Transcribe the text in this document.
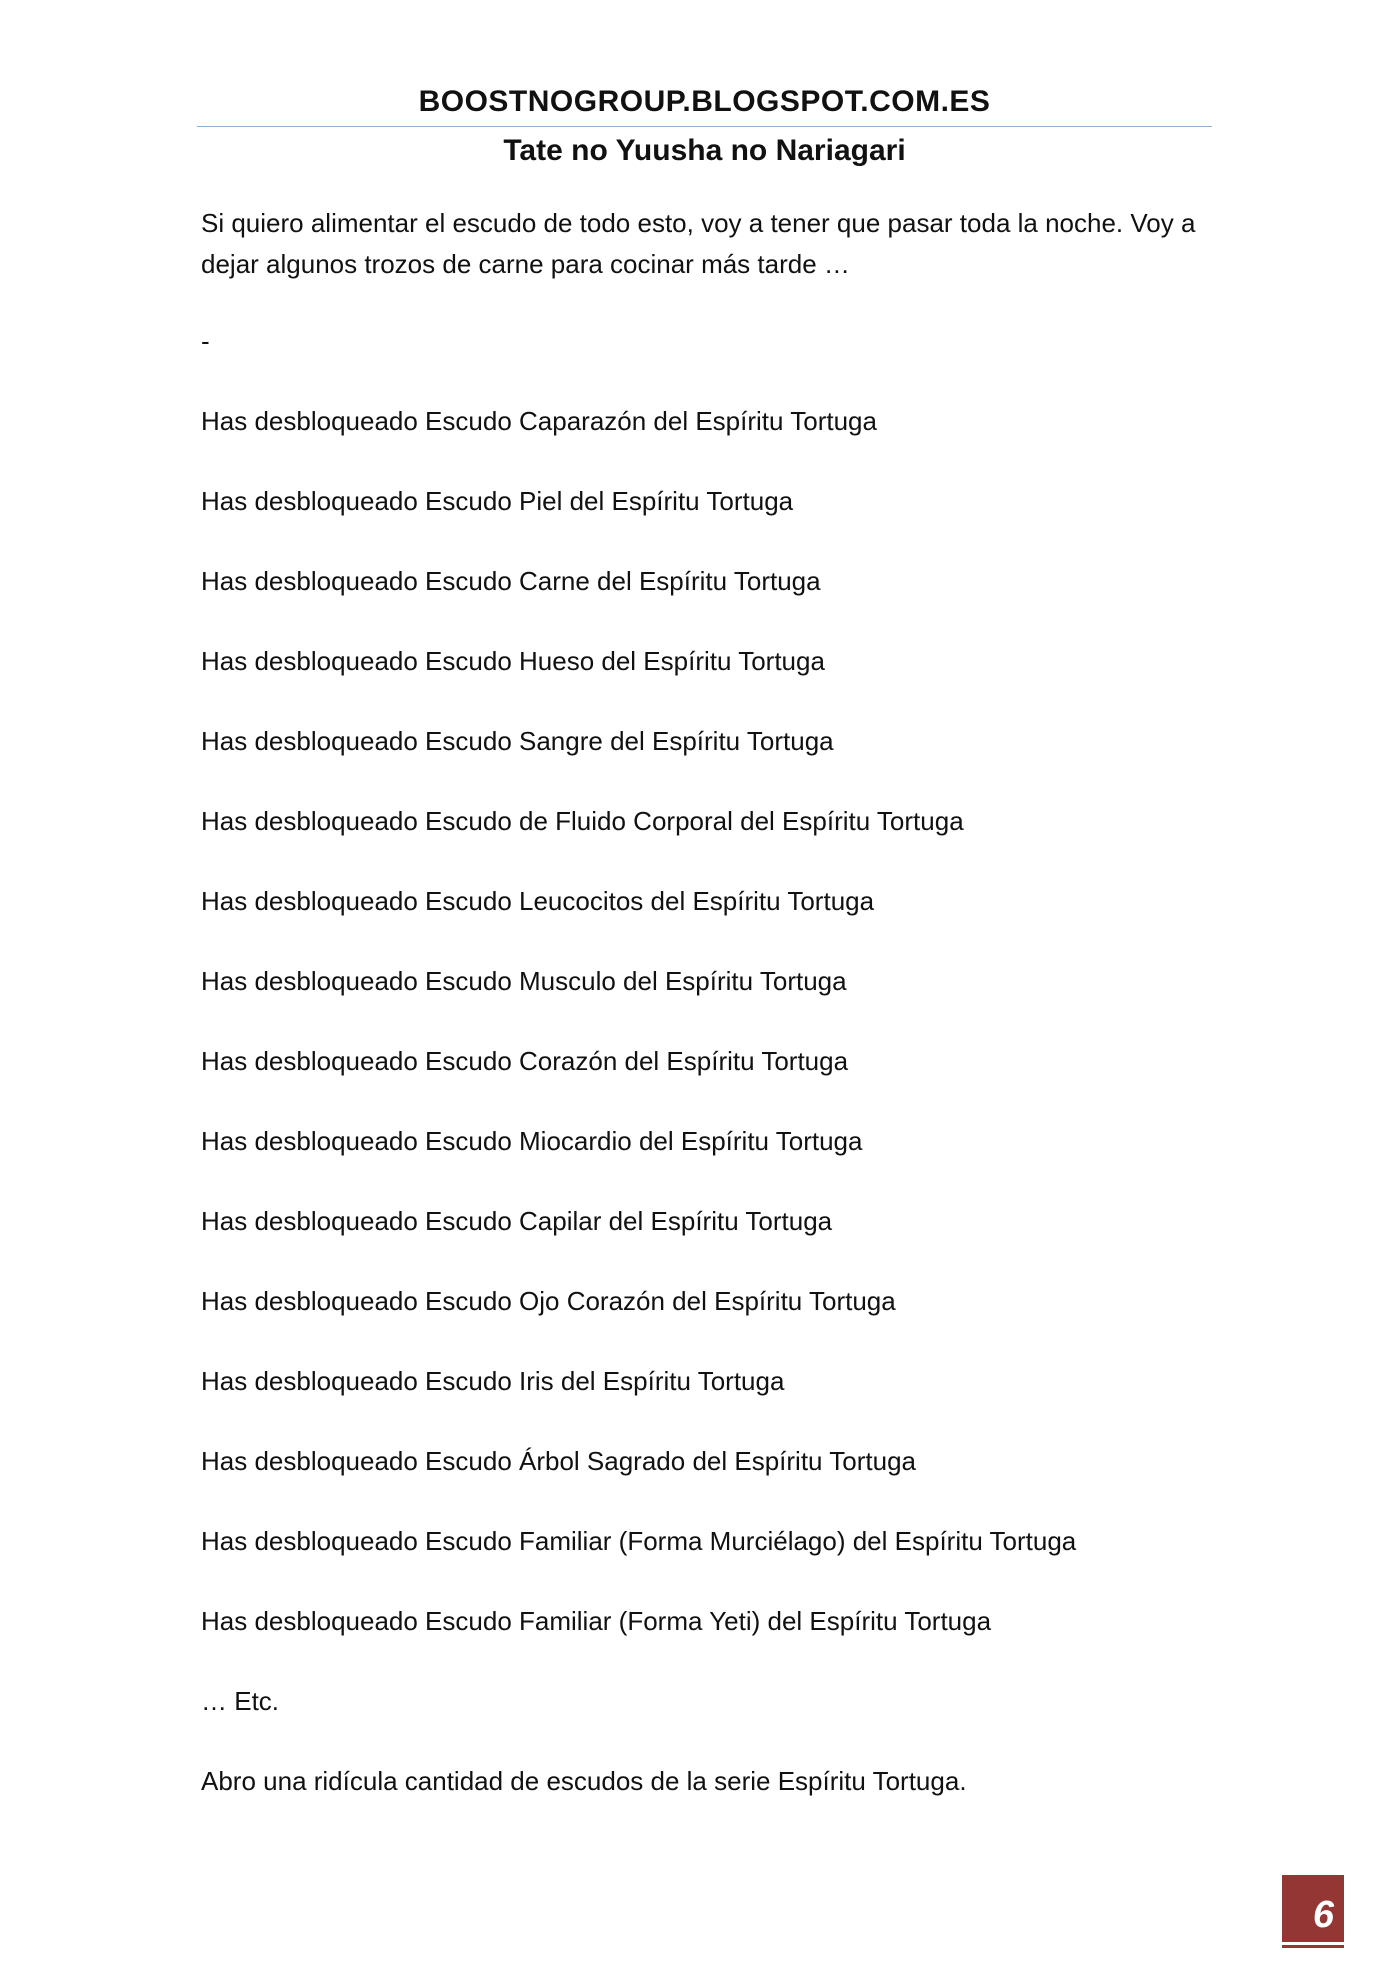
BOOSTNOGROUP.BLOGSPOT.COM.ES
Tate no Yuusha no Nariagari

Si quiero alimentar el escudo de todo esto, voy a tener que pasar toda la noche. Voy a dejar algunos trozos de carne para cocinar más tarde …

-

Has desbloqueado Escudo Caparazón del Espíritu Tortuga

Has desbloqueado Escudo Piel del Espíritu Tortuga

Has desbloqueado Escudo Carne del Espíritu Tortuga

Has desbloqueado Escudo Hueso del Espíritu Tortuga

Has desbloqueado Escudo Sangre del Espíritu Tortuga

Has desbloqueado Escudo de Fluido Corporal del Espíritu Tortuga

Has desbloqueado Escudo Leucocitos del Espíritu Tortuga

Has desbloqueado Escudo Musculo del Espíritu Tortuga

Has desbloqueado Escudo Corazón del Espíritu Tortuga

Has desbloqueado Escudo Miocardio del Espíritu Tortuga

Has desbloqueado Escudo Capilar del Espíritu Tortuga

Has desbloqueado Escudo Ojo Corazón del Espíritu Tortuga

Has desbloqueado Escudo Iris del Espíritu Tortuga

Has desbloqueado Escudo Árbol Sagrado del Espíritu Tortuga

Has desbloqueado Escudo Familiar (Forma Murciélago) del Espíritu Tortuga

Has desbloqueado Escudo Familiar (Forma Yeti) del Espíritu Tortuga

… Etc.

Abro una ridícula cantidad de escudos de la serie Espíritu Tortuga.

6
